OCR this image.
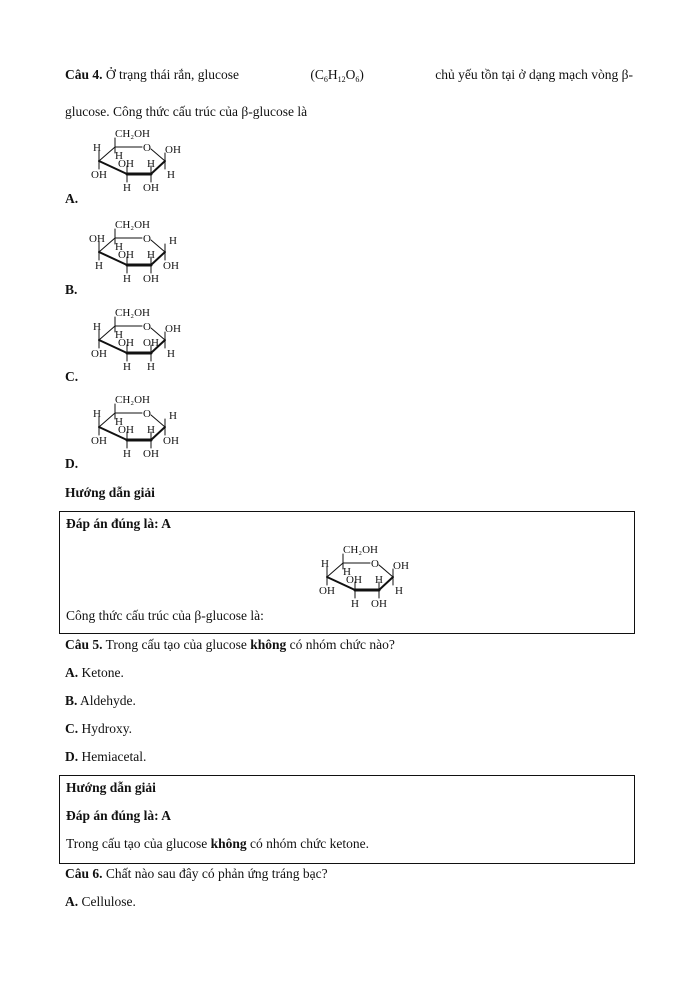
Câu 4. Ở trạng thái rắn, glucose	$(C_6H_{12}O_6)$	chủ yếu tồn tại ở dạng mạch vòng β-
glucose. Công thức cấu trúc của β-glucose là
A.
CH₂OH
O
H
H
OH
OH
H
H
OH
OH
H
B.
CH₂OH
O
OH
H
H
OH
H
H
OH
H
OH
C.
CH₂OH
O
H
H
OH
OH
H
OH
H
OH
H
D.
CH₂OH
O
H
H
OH
OH
H
H
OH
H
OH
Hướng dẫn giải
Đáp án đúng là: A
Công thức cấu trúc của β-glucose là:
CH₂OH
O
H
H
OH
OH
H
H
OH
OH
H
Câu 5. Trong cấu tạo của glucose không có nhóm chức nào?
A. Ketone.
B. Aldehyde.
C. Hydroxy.
D. Hemiacetal.
Hướng dẫn giải
Đáp án đúng là: A
Trong cấu tạo của glucose không có nhóm chức ketone.
Câu 6. Chất nào sau đây có phản ứng tráng bạc?
A. Cellulose.
